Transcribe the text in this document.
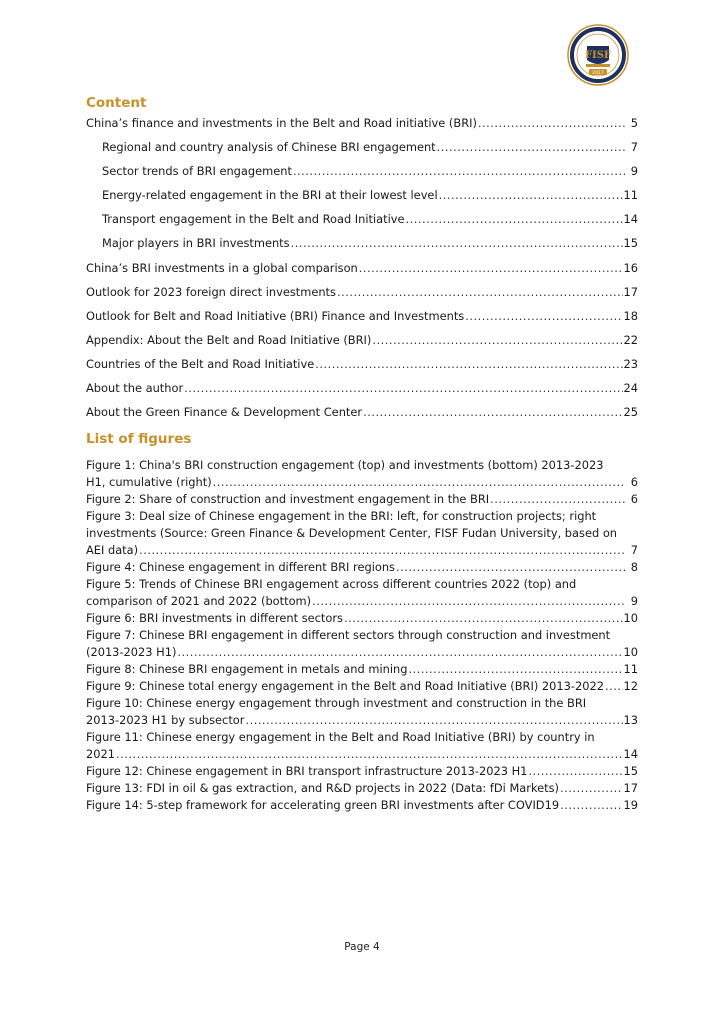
FISF
2017
Content
China’s finance and investments in the Belt and Road initiative (BRI) .....	5
Regional and country analysis of Chinese BRI engagement .....	7
Sector trends of BRI engagement .....	9
Energy-related engagement in the BRI at their lowest level .....	11
Transport engagement in the Belt and Road Initiative .....	14
Major players in BRI investments .....	15
China’s BRI investments in a global comparison .....	16
Outlook for 2023 foreign direct investments .....	17
Outlook for Belt and Road Initiative (BRI) Finance and Investments .....	18
Appendix: About the Belt and Road Initiative (BRI) .....	22
Countries of the Belt and Road Initiative .....	23
About the author .....	24
About the Green Finance & Development Center .....	25
List of figures
Figure 1: China's BRI construction engagement (top) and investments (bottom) 2013-2023
H1, cumulative (right) .....	6
Figure 2: Share of construction and investment engagement in the BRI .....	6
Figure 3: Deal size of Chinese engagement in the BRI: left, for construction projects; right
investments (Source: Green Finance & Development Center, FISF Fudan University, based on
AEI data) .....	7
Figure 4: Chinese engagement in different BRI regions .....	8
Figure 5: Trends of Chinese BRI engagement across different countries 2022 (top) and
comparison of 2021 and 2022 (bottom) .....	9
Figure 6: BRI investments in different sectors .....	10
Figure 7: Chinese BRI engagement in different sectors through construction and investment
(2013-2023 H1) .....	10
Figure 8: Chinese BRI engagement in metals and mining .....	11
Figure 9: Chinese total energy engagement in the Belt and Road Initiative (BRI) 2013-2022 ..... 12
Figure 10: Chinese energy engagement through investment and construction in the BRI
2013-2023 H1 by subsector .....	13
Figure 11: Chinese energy engagement in the Belt and Road Initiative (BRI) by country in
2021 .....	14
Figure 12: Chinese engagement in BRI transport infrastructure 2013-2023 H1 .....	15
Figure 13: FDI in oil & gas extraction, and R&D projects in 2022 (Data: fDi Markets) .....	17
Figure 14: 5-step framework for accelerating green BRI investments after COVID19 .....	19
Page 4
